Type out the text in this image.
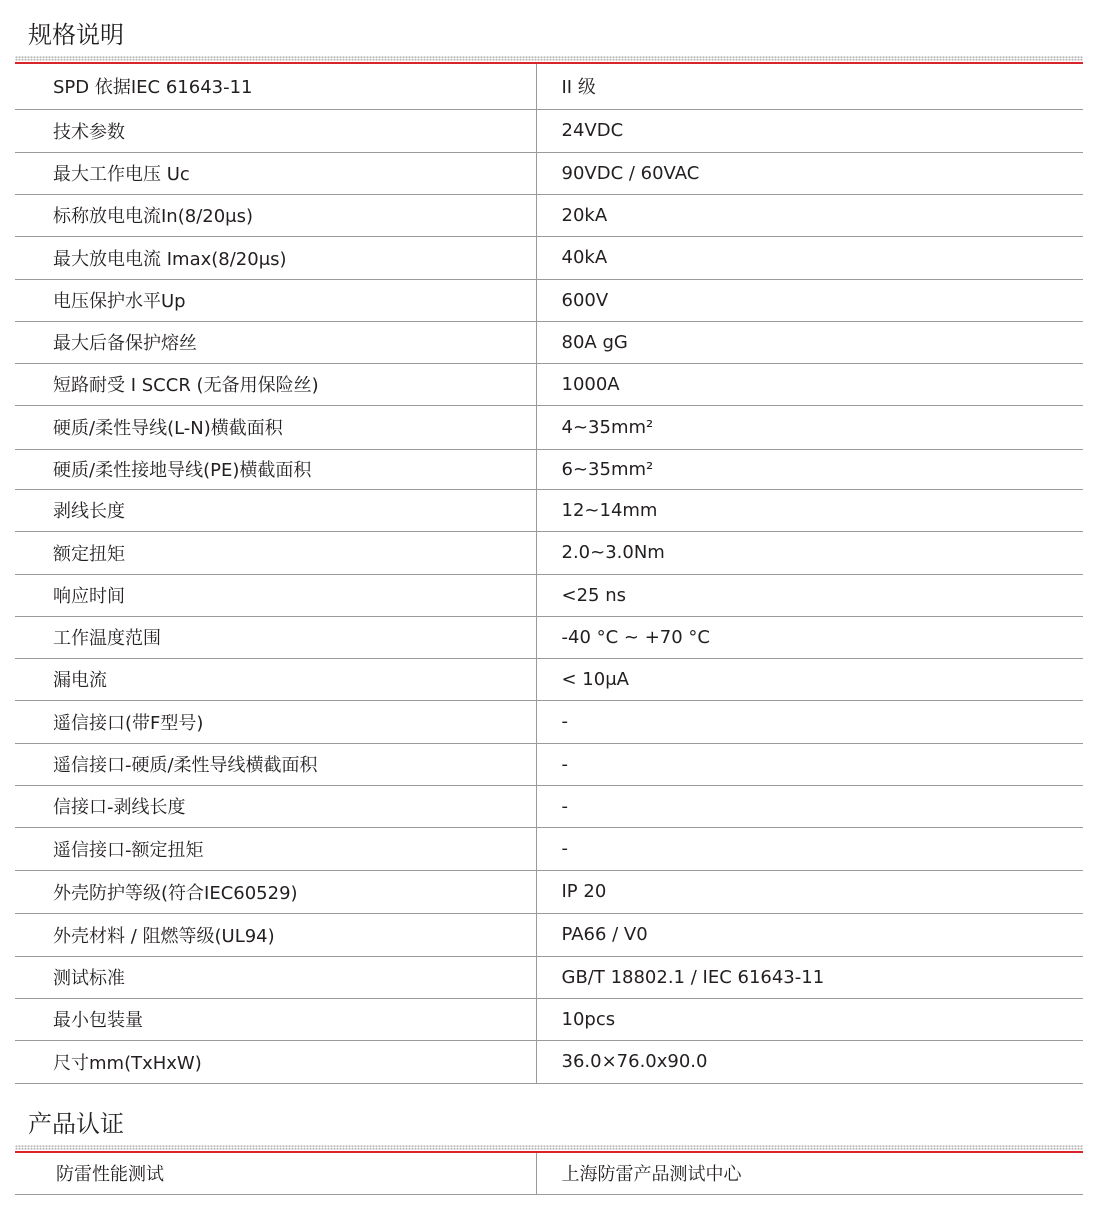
规格说明
SPD 依据IEC 61643-11	II 级
技术参数	24VDC
最大工作电压 Uc	90VDC / 60VAC
标称放电电流In(8/20μs)	20kA
最大放电电流 Imax(8/20μs)	40kA
电压保护水平Up	600V
最大后备保护熔丝	80A gG
短路耐受 I SCCR (无备用保险丝)	1000A
硬质/柔性导线(L-N)横截面积	4~35mm²
硬质/柔性接地导线(PE)横截面积	6~35mm²
剥线长度	12~14mm
额定扭矩	2.0~3.0Nm
响应时间	<25 ns
工作温度范围	-40 °C ~ +70 °C
漏电流	< 10μA
遥信接口(带F型号)	-
遥信接口-硬质/柔性导线横截面积	-
信接口-剥线长度	-
遥信接口-额定扭矩	-
外壳防护等级(符合IEC60529)	IP 20
外壳材料 / 阻燃等级(UL94)	PA66 / V0
测试标准	GB/T 18802.1 / IEC 61643-11
最小包装量	10pcs
尺寸mm(TxHxW)	36.0×76.0x90.0
产品认证
防雷性能测试	上海防雷产品测试中心
